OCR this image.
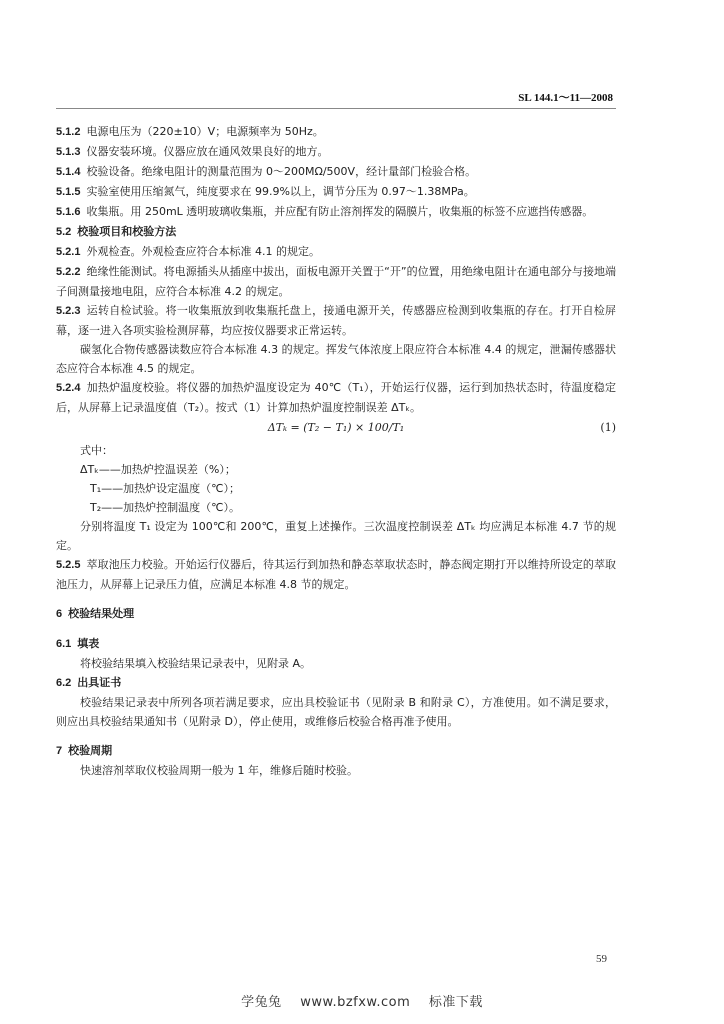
SL 144.1～11—2008

5.1.2 电源电压为（220±10）V；电源频率为 50Hz。

5.1.3 仪器安装环境。仪器应放在通风效果良好的地方。

5.1.4 校验设备。绝缘电阻计的测量范围为 0～200MΩ/500V，经计量部门检验合格。

5.1.5 实验室使用压缩氮气，纯度要求在 99.9%以上，调节分压为 0.97～1.38MPa。

5.1.6 收集瓶。用 250mL 透明玻璃收集瓶，并应配有防止溶剂挥发的隔膜片，收集瓶的标签不应遮挡传感器。

5.2 校验项目和校验方法

5.2.1 外观检查。外观检查应符合本标准 4.1 的规定。

5.2.2 绝缘性能测试。将电源插头从插座中拔出，面板电源开关置于“开”的位置，用绝缘电阻计在通电部分与接地端子间测量接地电阻，应符合本标准 4.2 的规定。

5.2.3 运转自检试验。将一收集瓶放到收集瓶托盘上，接通电源开关，传感器应检测到收集瓶的存在。打开自检屏幕，逐一进入各项实验检测屏幕，均应按仪器要求正常运转。

碳氢化合物传感器读数应符合本标准 4.3 的规定。挥发气体浓度上限应符合本标准 4.4 的规定，泄漏传感器状态应符合本标准 4.5 的规定。

5.2.4 加热炉温度校验。将仪器的加热炉温度设定为 40℃（T₁），开始运行仪器，运行到加热状态时，待温度稳定后，从屏幕上记录温度值（T₂）。按式（1）计算加热炉温度控制误差 ΔTₖ。

ΔTₖ = (T₂ − T₁) × 100/T₁	(1)

式中：

ΔTₖ——加热炉控温误差（%）；

T₁——加热炉设定温度（℃）；

T₂——加热炉控制温度（℃）。

分别将温度 T₁ 设定为 100℃和 200℃，重复上述操作。三次温度控制误差 ΔTₖ 均应满足本标准 4.7 节的规定。

5.2.5 萃取池压力校验。开始运行仪器后，待其运行到加热和静态萃取状态时，静态阀定期打开以维持所设定的萃取池压力，从屏幕上记录压力值，应满足本标准 4.8 节的规定。

6 校验结果处理

6.1 填表

将校验结果填入校验结果记录表中，见附录 A。

6.2 出具证书

校验结果记录表中所列各项若满足要求，应出具校验证书（见附录 B 和附录 C），方准使用。如不满足要求，则应出具校验结果通知书（见附录 D），停止使用，或维修后校验合格再准予使用。

7 校验周期

快速溶剂萃取仪校验周期一般为 1 年，维修后随时校验。

59
学兔兔 www.bzfxw.com 标准下载
